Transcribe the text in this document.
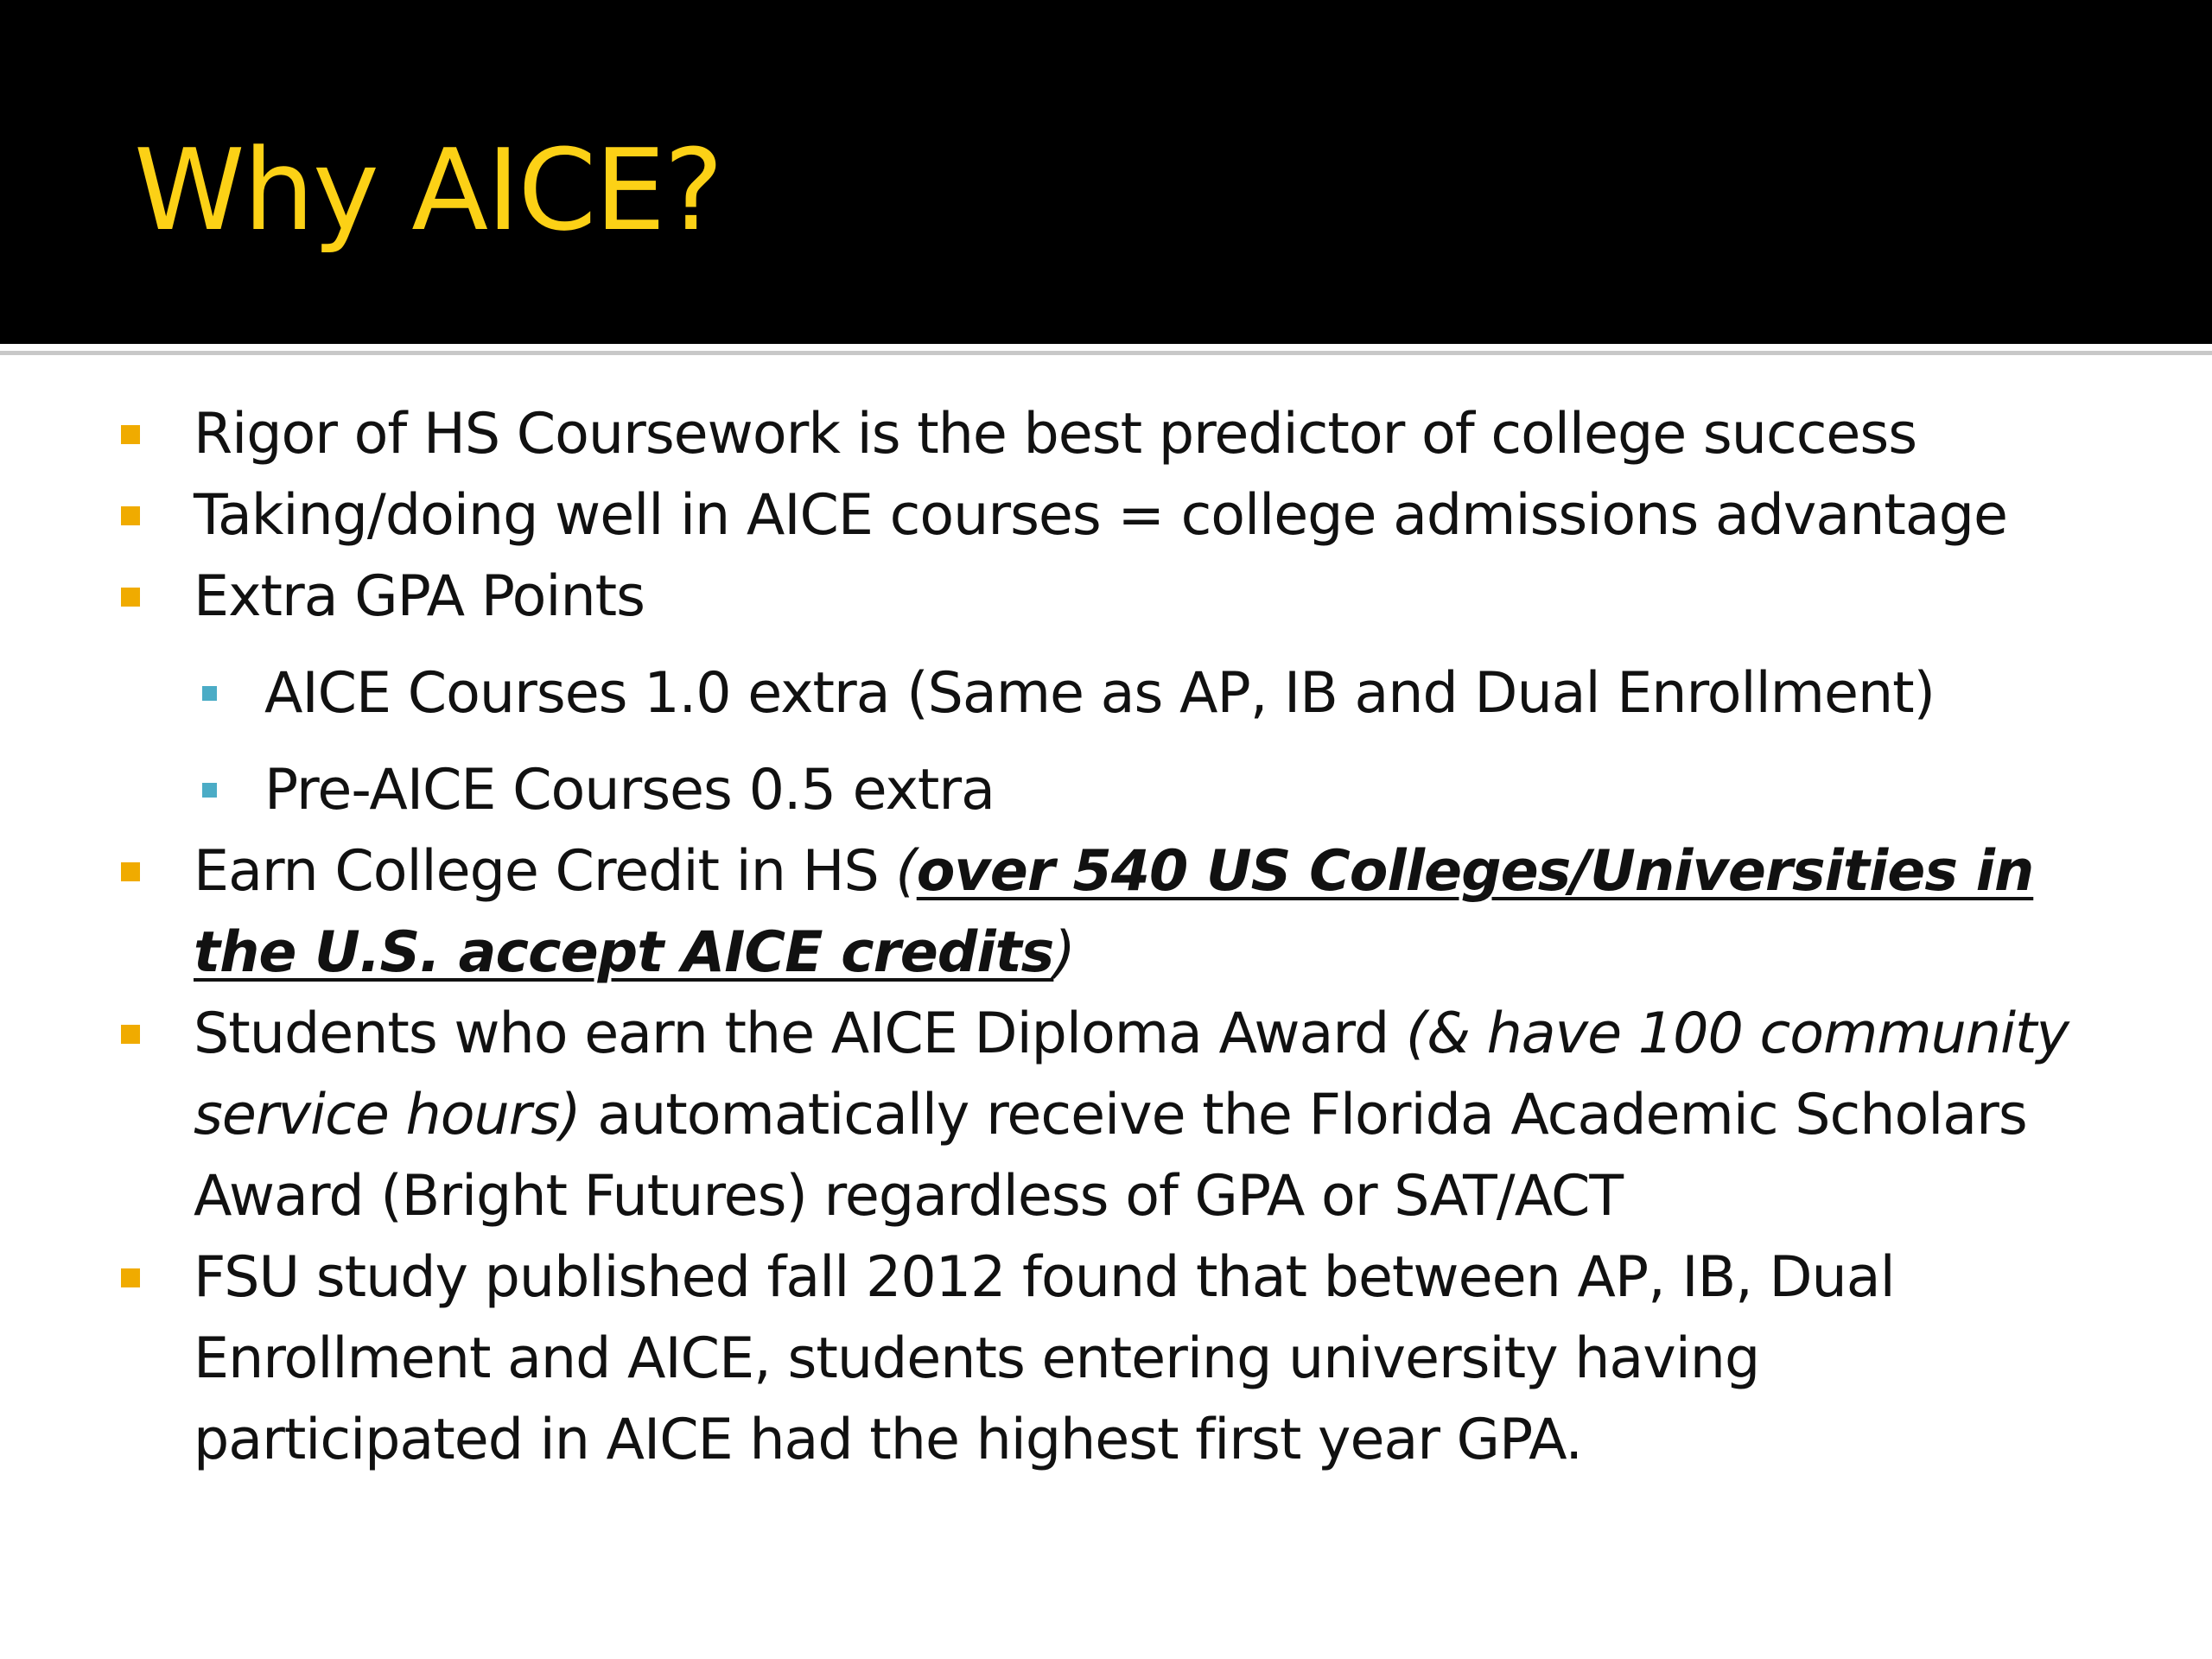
Why AICE?

Rigor of HS Coursework is the best predictor of college success

Taking/doing well in AICE courses = college admissions advantage

Extra GPA Points

AICE Courses 1.0 extra (Same as AP, IB and Dual Enrollment)

Pre-AICE Courses 0.5 extra

Earn College Credit in HS (over 540 US Colleges/Universities in the U.S. accept AICE credits)

Students who earn the AICE Diploma Award (& have 100 community service hours) automatically receive the Florida Academic Scholars Award (Bright Futures) regardless of GPA or SAT/ACT

FSU study published fall 2012 found that between AP, IB, Dual Enrollment and AICE, students entering university having participated in AICE had the highest first year GPA.
